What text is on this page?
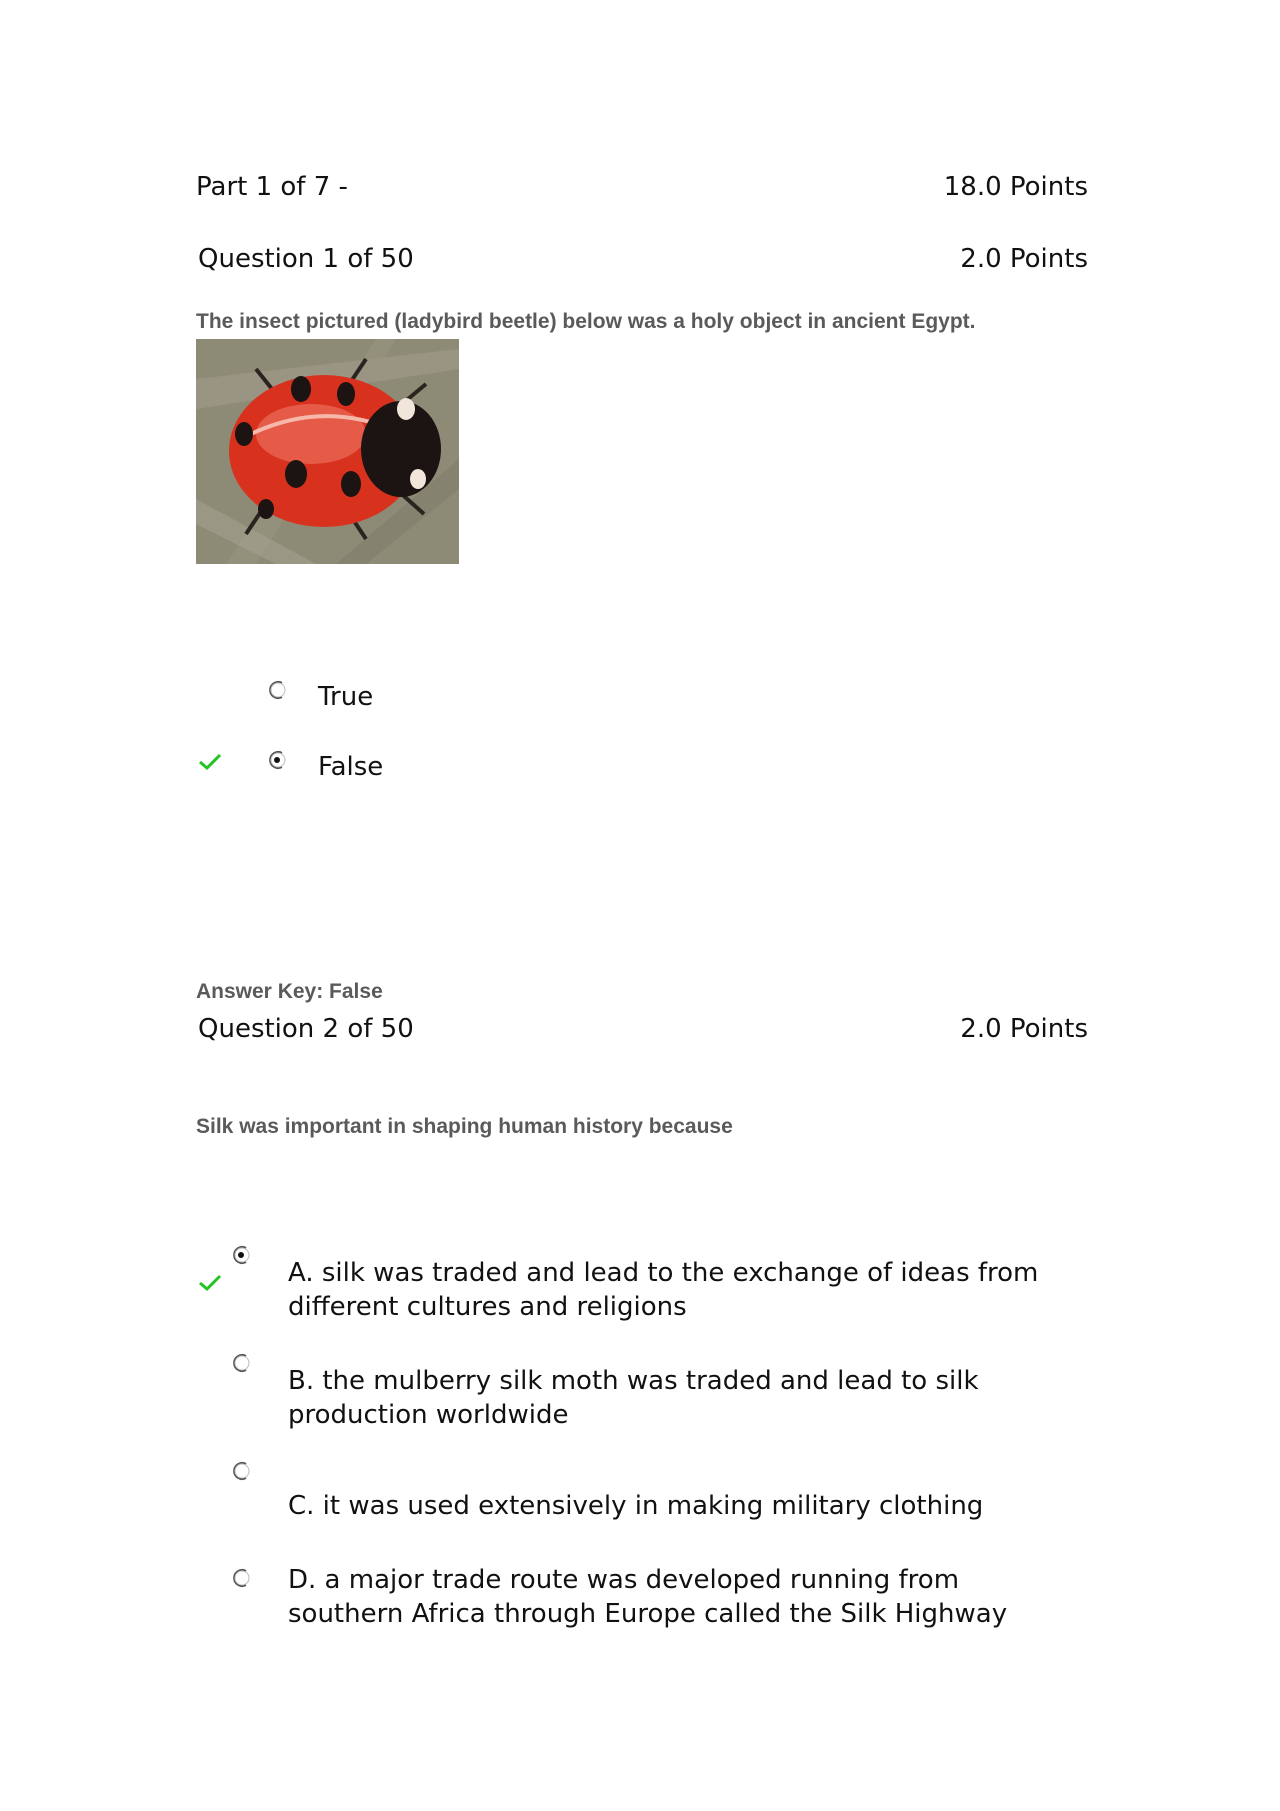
Part 1 of 7 -	18.0 Points
Question 1 of 50	2.0 Points
The insect pictured (ladybird beetle) below was a holy object in ancient Egypt.
True
False
Answer Key: False
Question 2 of 50	2.0 Points
Silk was important in shaping human history because
A. silk was traded and lead to the exchange of ideas from
different cultures and religions
B. the mulberry silk moth was traded and lead to silk
production worldwide
C. it was used extensively in making military clothing
D. a major trade route was developed running from
southern Africa through Europe called the Silk Highway
